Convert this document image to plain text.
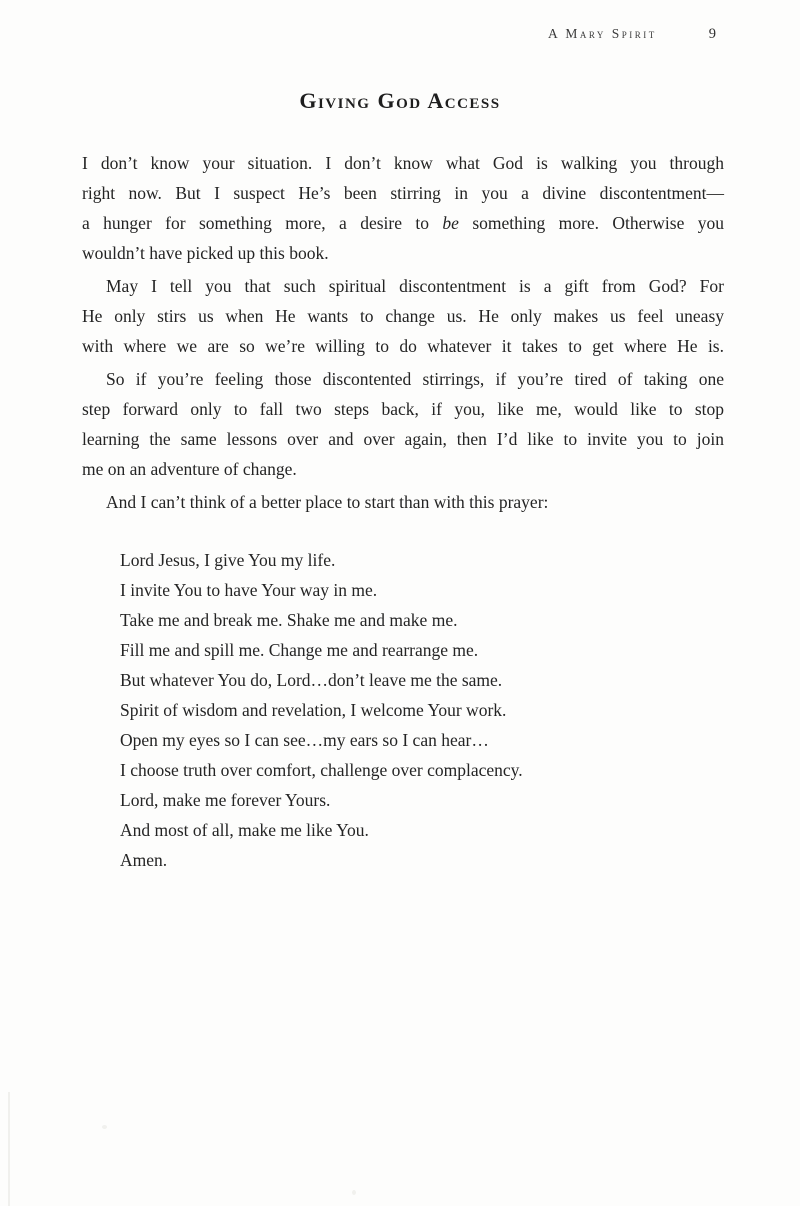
A Mary Spirit	9
Giving God Access
I don’t know your situation. I don’t know what God is walking you through
right now. But I suspect He’s been stirring in you a divine discontentment—
a hunger for something more, a desire to be something more. Otherwise you
wouldn’t have picked up this book.
May I tell you that such spiritual discontentment is a gift from God? For
He only stirs us when He wants to change us. He only makes us feel uneasy
with where we are so we’re willing to do whatever it takes to get where He is.
So if you’re feeling those discontented stirrings, if you’re tired of taking one
step forward only to fall two steps back, if you, like me, would like to stop
learning the same lessons over and over again, then I’d like to invite you to join
me on an adventure of change.
And I can’t think of a better place to start than with this prayer:
Lord Jesus, I give You my life.
I invite You to have Your way in me.
Take me and break me. Shake me and make me.
Fill me and spill me. Change me and rearrange me.
But whatever You do, Lord…don’t leave me the same.
Spirit of wisdom and revelation, I welcome Your work.
Open my eyes so I can see…my ears so I can hear…
I choose truth over comfort, challenge over complacency.
Lord, make me forever Yours.
And most of all, make me like You.
Amen.
